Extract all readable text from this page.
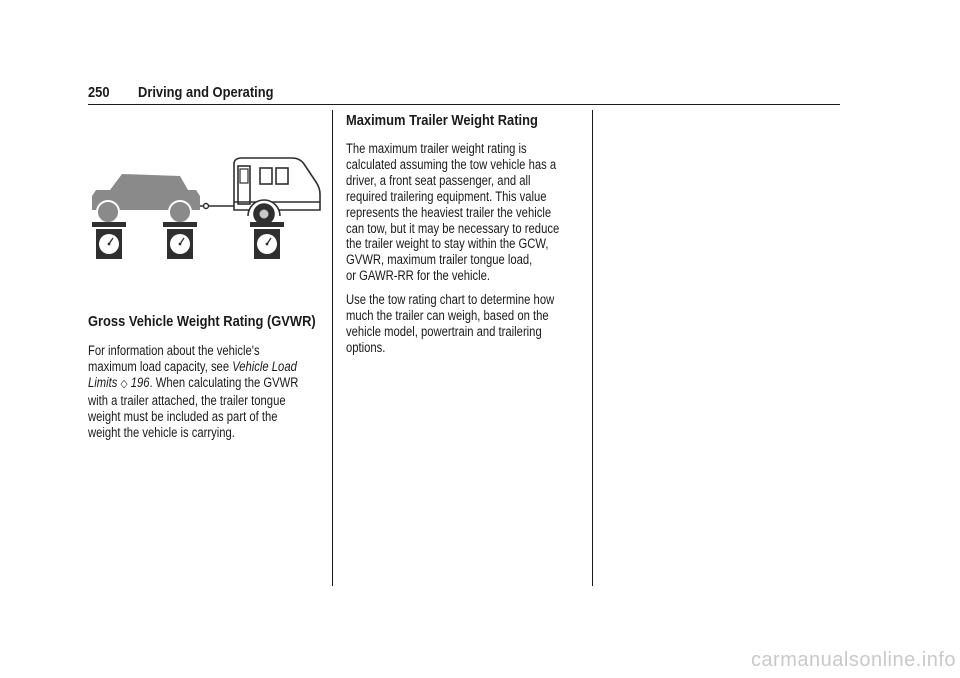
250 Driving and Operating
Gross Vehicle Weight Rating (GVWR)

For information about the vehicle's
maximum load capacity, see Vehicle Load
Limits ◇ 196. When calculating the GVWR
with a trailer attached, the trailer tongue
weight must be included as part of the
weight the vehicle is carrying.

Maximum Trailer Weight Rating

The maximum trailer weight rating is
calculated assuming the tow vehicle has a
driver, a front seat passenger, and all
required trailering equipment. This value
represents the heaviest trailer the vehicle
can tow, but it may be necessary to reduce
the trailer weight to stay within the GCW,
GVWR, maximum trailer tongue load,
or GAWR-RR for the vehicle.

Use the tow rating chart to determine how
much the trailer can weigh, based on the
vehicle model, powertrain and trailering
options.

carmanualsonline.info
